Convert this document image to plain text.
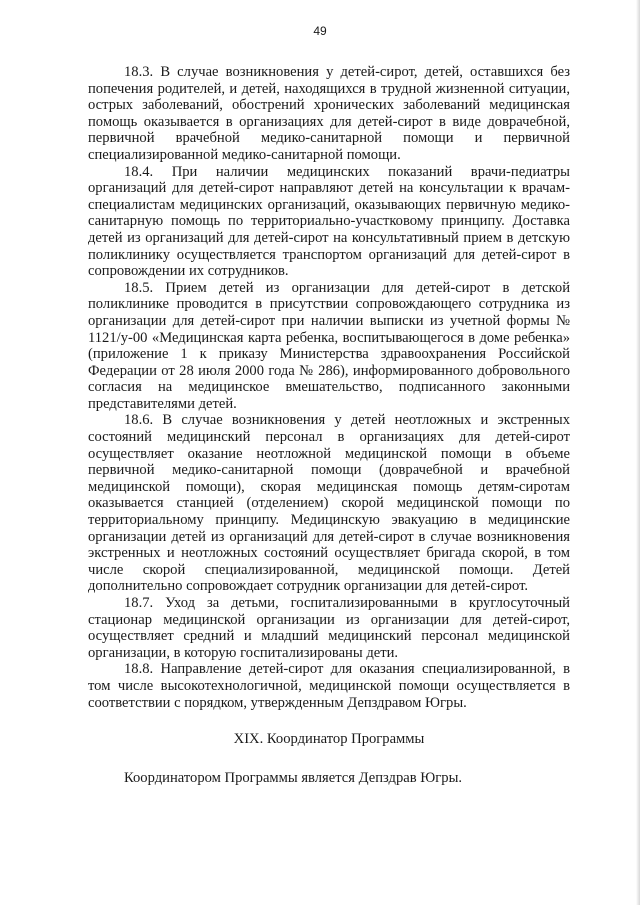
49

18.3. В случае возникновения у детей-сирот, детей, оставшихся без попечения родителей, и детей, находящихся в трудной жизненной ситуации, острых заболеваний, обострений хронических заболеваний медицинская помощь оказывается в организациях для детей-сирот в виде доврачебной, первичной врачебной медико-санитарной помощи и первичной специализированной медико-санитарной помощи.

18.4. При наличии медицинских показаний врачи-педиатры организаций для детей-сирот направляют детей на консультации к врачам-специалистам медицинских организаций, оказывающих первичную медико-санитарную помощь по территориально-участковому принципу. Доставка детей из организаций для детей-сирот на консультативный прием в детскую поликлинику осуществляется транспортом организаций для детей-сирот в сопровождении их сотрудников.

18.5. Прием детей из организации для детей-сирот в детской поликлинике проводится в присутствии сопровождающего сотрудника из организации для детей-сирот при наличии выписки из учетной формы № 1121/у-00 «Медицинская карта ребенка, воспитывающегося в доме ребенка» (приложение 1 к приказу Министерства здравоохранения Российской Федерации от 28 июля 2000 года № 286), информированного добровольного согласия на медицинское вмешательство, подписанного законными представителями детей.

18.6. В случае возникновения у детей неотложных и экстренных состояний медицинский персонал в организациях для детей-сирот осуществляет оказание неотложной медицинской помощи в объеме первичной медико-санитарной помощи (доврачебной и врачебной медицинской помощи), скорая медицинская помощь детям-сиротам оказывается станцией (отделением) скорой медицинской помощи по территориальному принципу. Медицинскую эвакуацию в медицинские организации детей из организаций для детей-сирот в случае возникновения экстренных и неотложных состояний осуществляет бригада скорой, в том числе скорой специализированной, медицинской помощи. Детей дополнительно сопровождает сотрудник организации для детей-сирот.

18.7. Уход за детьми, госпитализированными в круглосуточный стационар медицинской организации из организации для детей-сирот, осуществляет средний и младший медицинский персонал медицинской организации, в которую госпитализированы дети.

18.8. Направление детей-сирот для оказания специализированной, в том числе высокотехнологичной, медицинской помощи осуществляется в соответствии с порядком, утвержденным Депздравом Югры.

XIX. Координатор Программы

Координатором Программы является Депздрав Югры.
